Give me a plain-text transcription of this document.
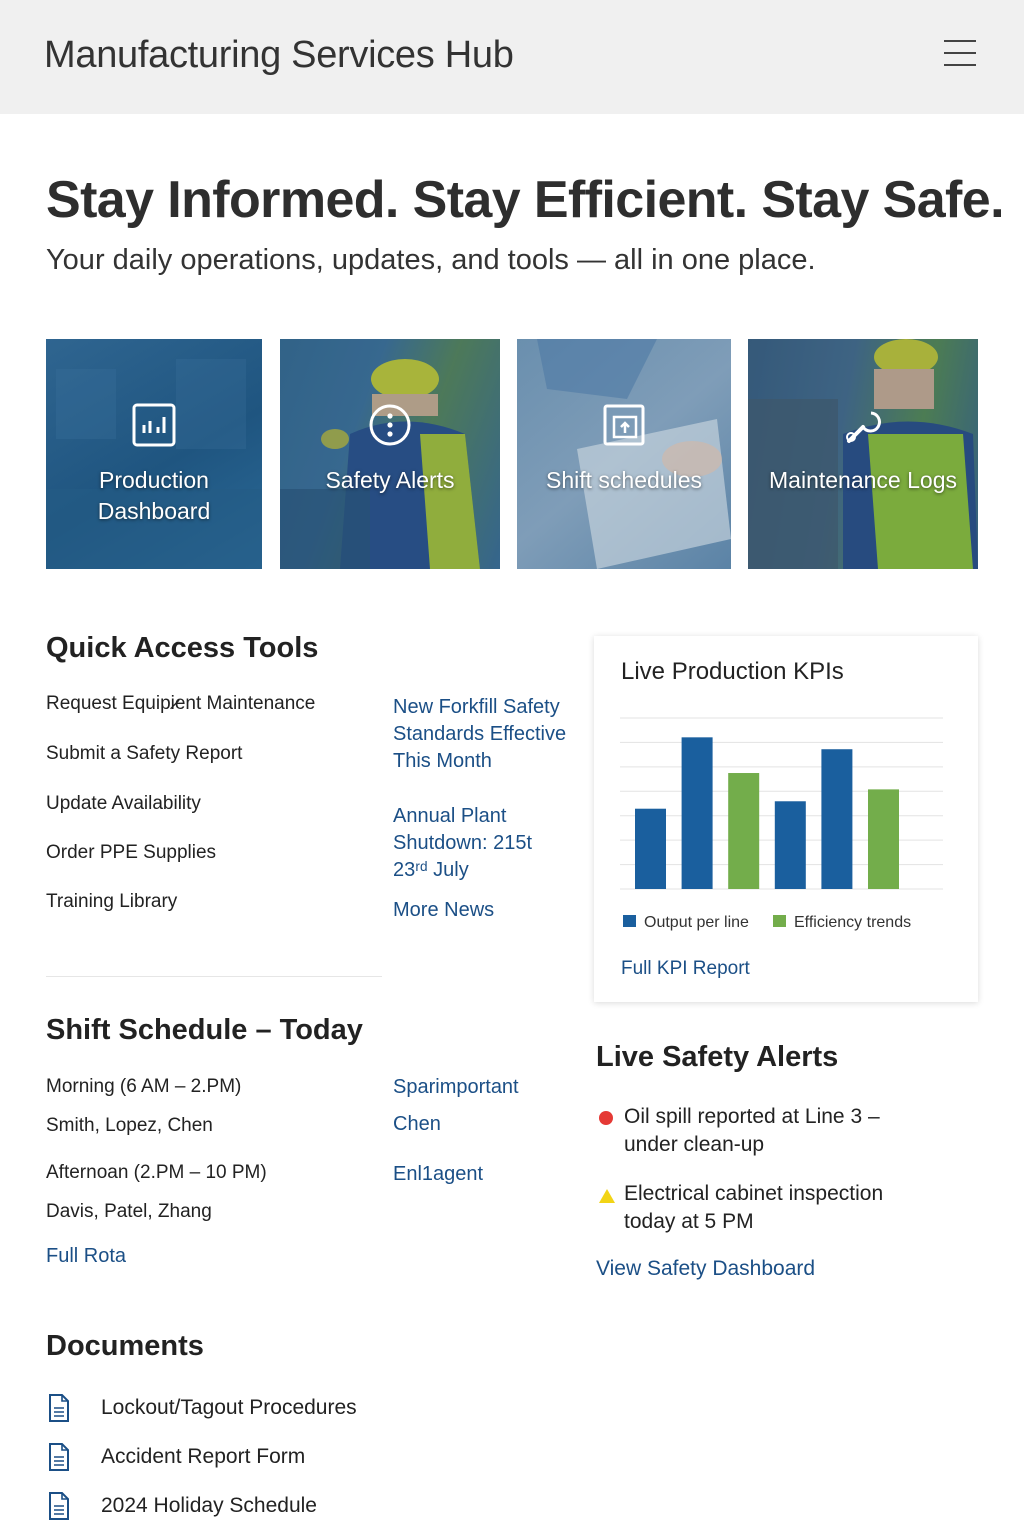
Manufacturing Services Hub
Stay Informed. Stay Efficient. Stay Safe.

Your daily operations, updates, and tools — all in one place.

Production Dashboard
Safety Alerts	Shift schedules	Maintenance Logs
Quick Access Tools
Request Equipi̷ent Maintenance
Submit a Safety Report
Update Availability
Order PPE Supplies
Training Library
New Forkfill Safety Standards Effective This Month
Annual Plant Shutdown: 215t 23ʳᵈ July
More News
Live Production KPIs
Output per line	Efficiency trends
Full KPI Report
Shift Schedule – Today
Morning (6 AM – 2.PM)
Smith, Lopez, Chen
Afternoan (2.PM – 10 PM)
Davis, Patel, Zhang
Full Rota
Sparimportant
Chen
Enl1agent
Live Safety Alerts
Oil spill reported at Line 3 – under clean-up
Electrical cabinet inspection today at 5 PM
View Safety Dashboard
Documents
Lockout/Tagout Procedures
Accident Report Form
2024 Holiday Schedule
